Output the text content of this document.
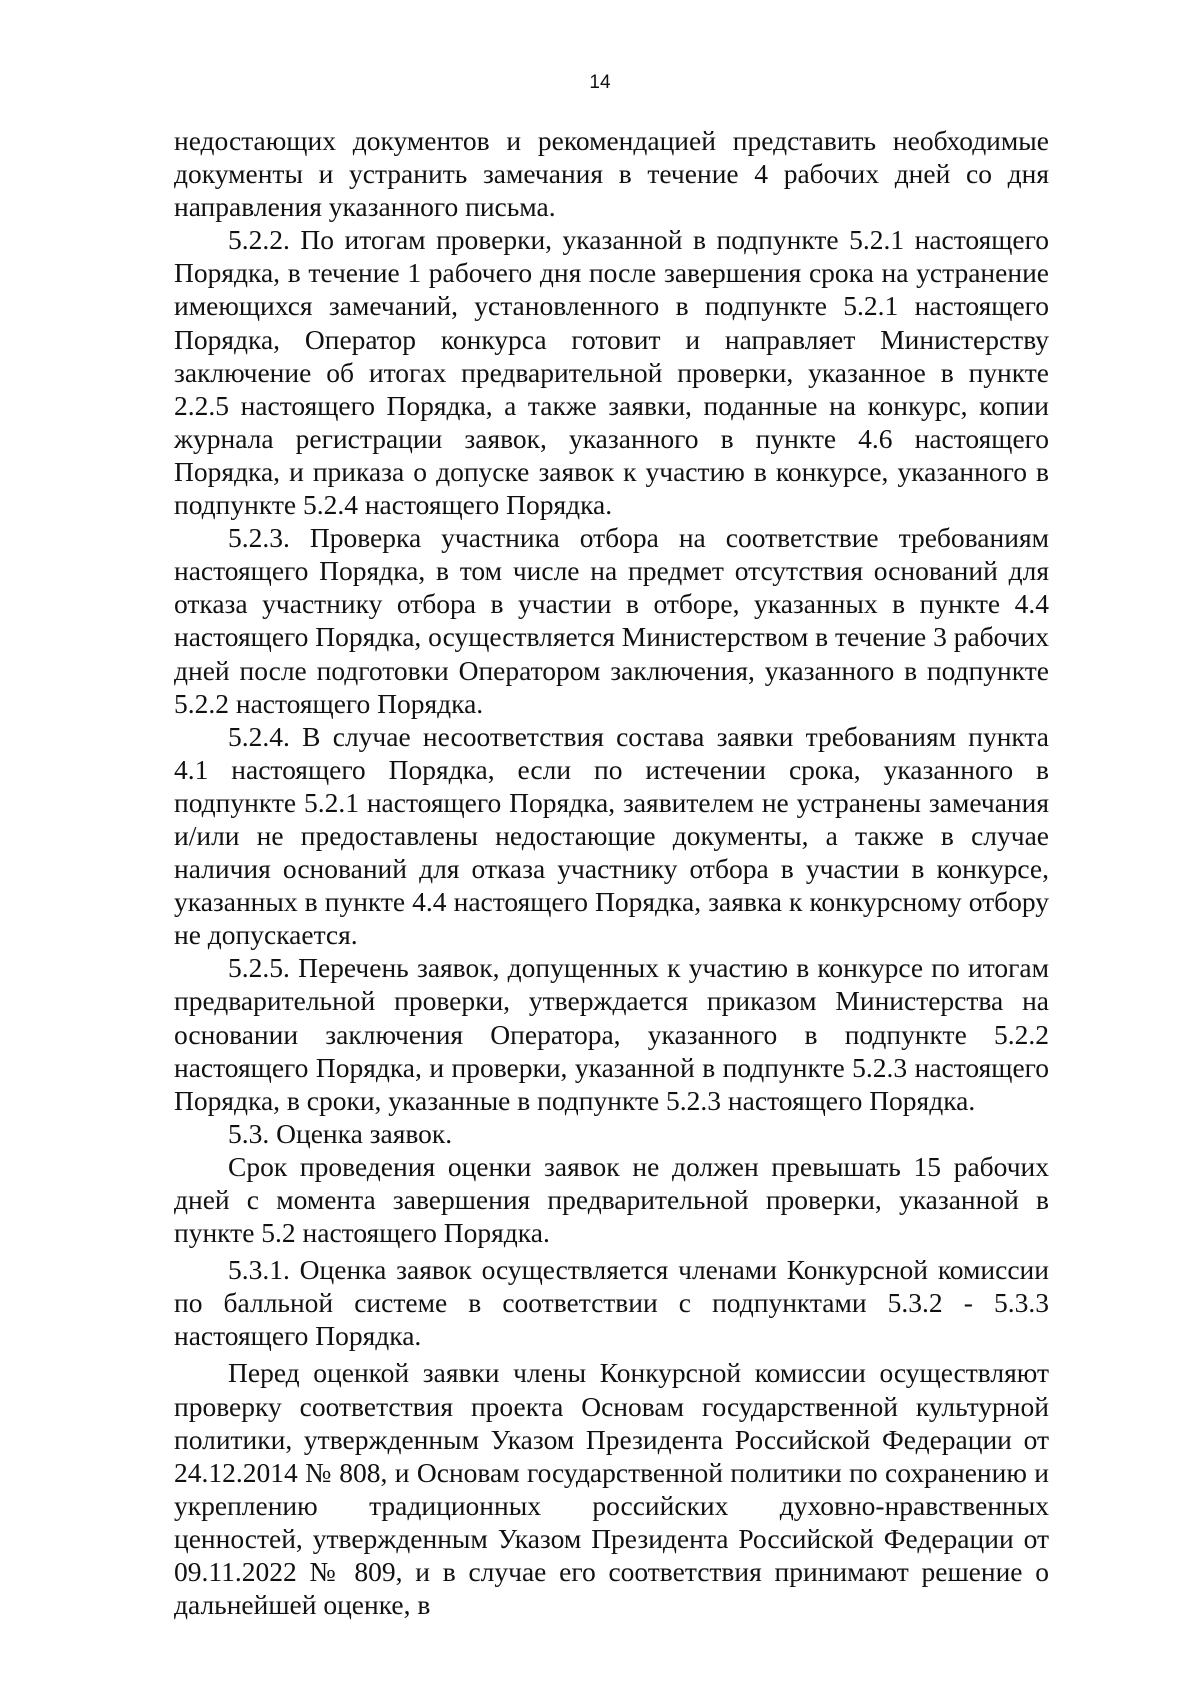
14

недостающих документов и рекомендацией представить необходимые документы и устранить замечания в течение 4 рабочих дней со дня направления указанного письма.

5.2.2. По итогам проверки, указанной в подпункте 5.2.1 настоящего Порядка, в течение 1 рабочего дня после завершения срока на устранение имеющихся замечаний, установленного в подпункте 5.2.1 настоящего Порядка, Оператор конкурса готовит и направляет Министерству заключение об итогах предварительной проверки, указанное в пункте 2.2.5 настоящего Порядка, а также заявки, поданные на конкурс, копии журнала регистрации заявок, указанного в пункте 4.6 настоящего Порядка, и приказа о допуске заявок к участию в конкурсе, указанного в подпункте 5.2.4 настоящего Порядка.

5.2.3. Проверка участника отбора на соответствие требованиям настоящего Порядка, в том числе на предмет отсутствия оснований для отказа участнику отбора в участии в отборе, указанных в пункте 4.4 настоящего Порядка, осуществляется Министерством в течение 3 рабочих дней после подготовки Оператором заключения, указанного в подпункте 5.2.2 настоящего Порядка.

5.2.4. В случае несоответствия состава заявки требованиям пункта 4.1 настоящего Порядка, если по истечении срока, указанного в подпункте 5.2.1 настоящего Порядка, заявителем не устранены замечания и/или не предоставлены недостающие документы, а также в случае наличия оснований для отказа участнику отбора в участии в конкурсе, указанных в пункте 4.4 настоящего Порядка, заявка к конкурсному отбору не допускается.

5.2.5. Перечень заявок, допущенных к участию в конкурсе по итогам предварительной проверки, утверждается приказом Министерства на основании заключения Оператора, указанного в подпункте 5.2.2 настоящего Порядка, и проверки, указанной в подпункте 5.2.3 настоящего Порядка, в сроки, указанные в подпункте 5.2.3 настоящего Порядка.

5.3. Оценка заявок.

Срок проведения оценки заявок не должен превышать 15 рабочих дней с момента завершения предварительной проверки, указанной в пункте 5.2 настоящего Порядка.

5.3.1. Оценка заявок осуществляется членами Конкурсной комиссии по балльной системе в соответствии с подпунктами 5.3.2 - 5.3.3 настоящего Порядка.

Перед оценкой заявки члены Конкурсной комиссии осуществляют проверку соответствия проекта Основам государственной культурной политики, утвержденным Указом Президента Российской Федерации от 24.12.2014 № 808, и Основам государственной политики по сохранению и укреплению традиционных российских духовно-нравственных ценностей, утвержденным Указом Президента Российской Федерации от 09.11.2022 № 809, и в случае его соответствия принимают решение о дальнейшей оценке, в
